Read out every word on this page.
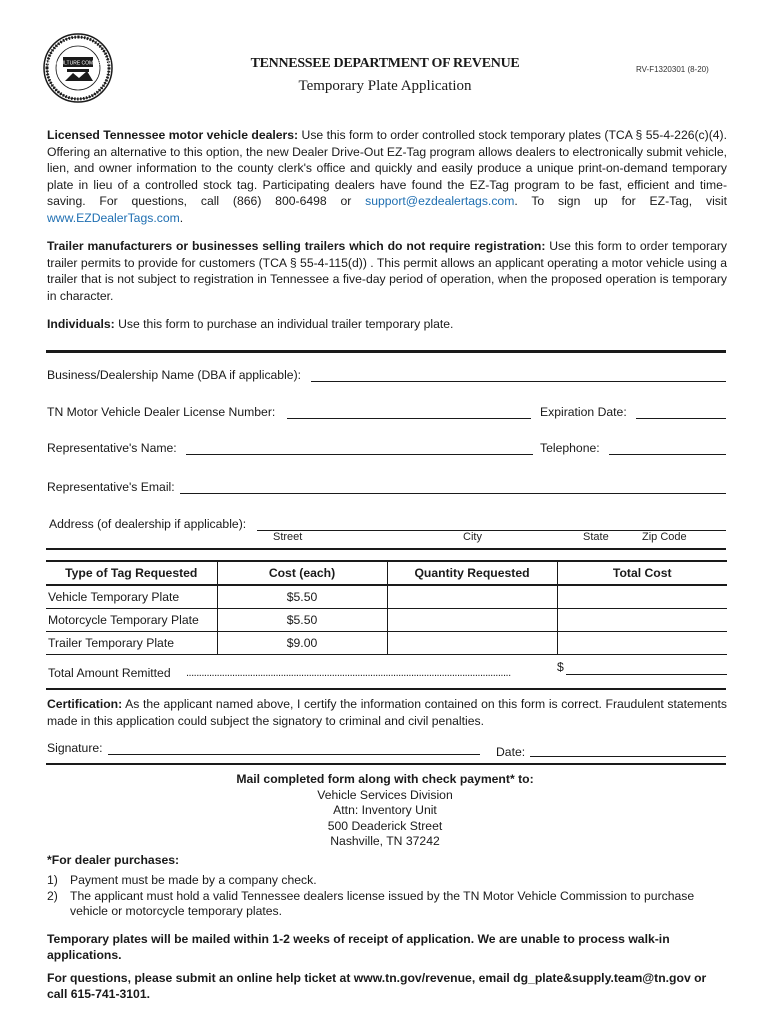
AGRICULTURE COMMERCE	TENNESSEE DEPARTMENT OF REVENUE
Temporary Plate Application
RV-F1320301 (8-20)

Licensed Tennessee motor vehicle dealers: Use this form to order controlled stock temporary plates (TCA § 55-4-226(c)(4). Offering an alternative to this option, the new Dealer Drive-Out EZ-Tag program allows dealers to electronically submit vehicle, lien, and owner information to the county clerk's office and quickly and easily produce a unique print-on-demand temporary plate in lieu of a controlled stock tag. Participating dealers have found the EZ-Tag program to be fast, efficient and time-saving. For questions, call (866) 800-6498 or support@ezdealertags.com. To sign up for EZ-Tag, visit www.EZDealerTags.com.

Trailer manufacturers or businesses selling trailers which do not require registration: Use this form to order temporary trailer permits to provide for customers (TCA § 55-4-115(d)) . This permit allows an applicant operating a motor vehicle using a trailer that is not subject to registration in Tennessee a five-day period of operation, when the proposed operation is temporary in character.

Individuals: Use this form to purchase an individual trailer temporary plate.

Business/Dealership Name (DBA if applicable):
TN Motor Vehicle Dealer License Number:	Expiration Date:
Representative's Name:	Telephone:
Representative's Email:
Address (of dealership if applicable):
Street	City	State	Zip Code
Type of Tag Requested	Cost (each)	Quantity Requested	Total Cost
Vehicle Temporary Plate	$5.50		
Motorcycle Temporary Plate	$5.50		
Trailer Temporary Plate	$9.00		
Total Amount Remitted ...............................................................................................................................	$

Certification: As the applicant named above, I certify the information contained on this form is correct. Fraudulent statements made in this application could subject the signatory to criminal and civil penalties.

Signature:	Date:
Mail completed form along with check payment* to:
Vehicle Services Division
Attn: Inventory Unit
500 Deaderick Street
Nashville, TN 37242
*For dealer purchases:
1) Payment must be made by a company check.
2) The applicant must hold a valid Tennessee dealers license issued by the TN Motor Vehicle Commission to purchase vehicle or motorcycle temporary plates.

Temporary plates will be mailed within 1-2 weeks of receipt of application. We are unable to process walk-in applications.

For questions, please submit an online help ticket at www.tn.gov/revenue, email dg_plate&supply.team@tn.gov or call 615-741-3101.
